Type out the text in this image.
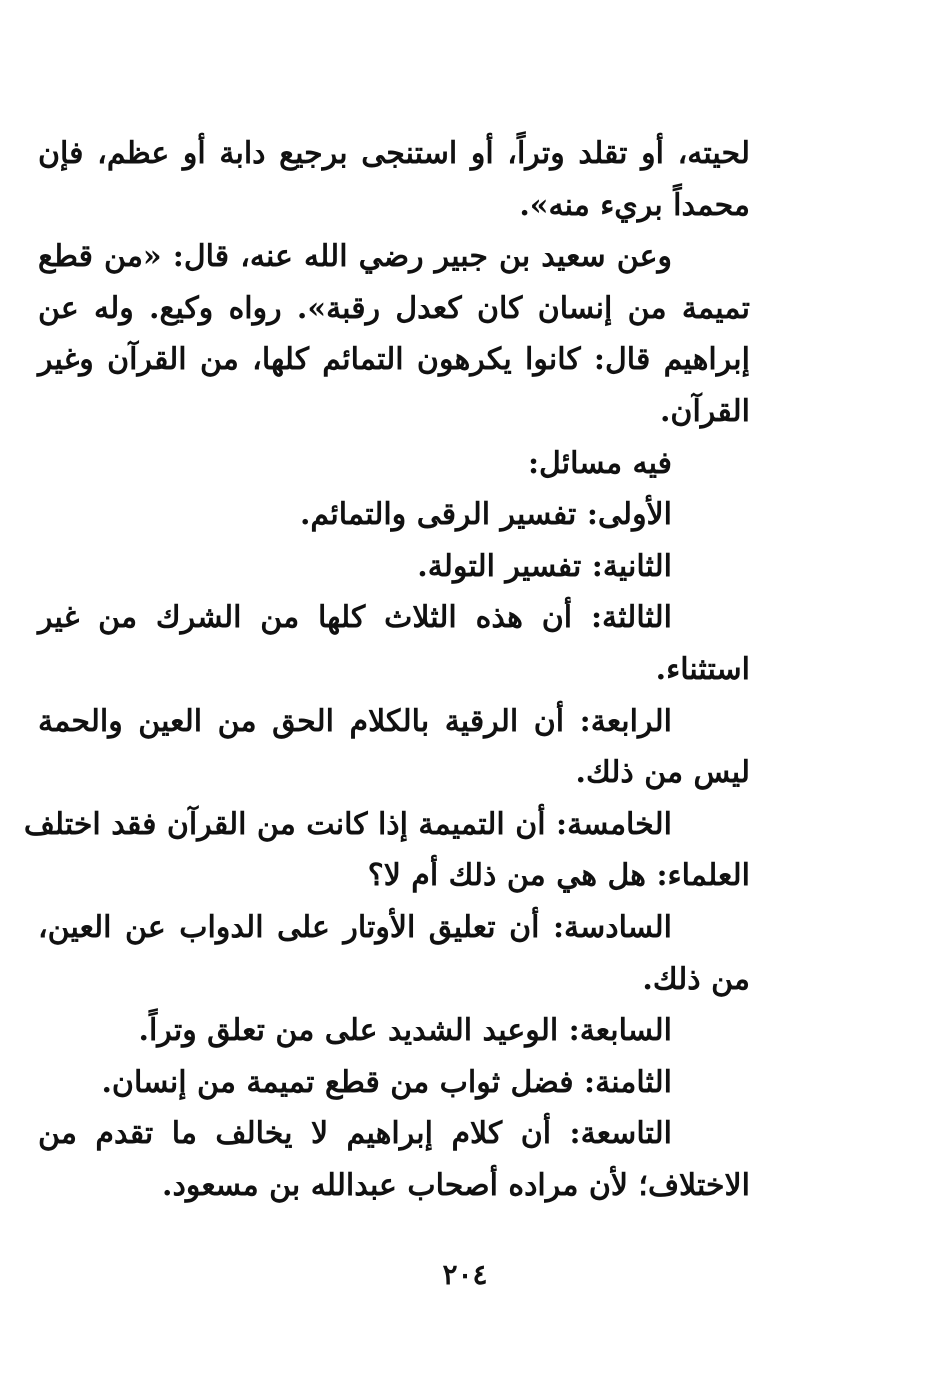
لحيته، أو تقلد وتراً، أو استنجى برجيع دابة أو عظم، فإن
محمداً بريء منه».
وعن سعيد بن جبير رضي الله عنه، قال: «من قطع
تميمة من إنسان كان كعدل رقبة». رواه وكيع. وله عن
إبراهيم قال: كانوا يكرهون التمائم كلها، من القرآن وغير
القرآن.
فيه مسائل:
الأولى: تفسير الرقى والتمائم.
الثانية: تفسير التولة.
الثالثة: أن هذه الثلاث كلها من الشرك من غير
استثناء.
الرابعة: أن الرقية بالكلام الحق من العين والحمة
ليس من ذلك.
الخامسة: أن التميمة إذا كانت من القرآن فقد اختلف
العلماء: هل هي من ذلك أم لا؟
السادسة: أن تعليق الأوتار على الدواب عن العين،
من ذلك.
السابعة: الوعيد الشديد على من تعلق وتراً.
الثامنة: فضل ثواب من قطع تميمة من إنسان.
التاسعة: أن كلام إبراهيم لا يخالف ما تقدم من
الاختلاف؛ لأن مراده أصحاب عبدالله بن مسعود.
٢٠٤
